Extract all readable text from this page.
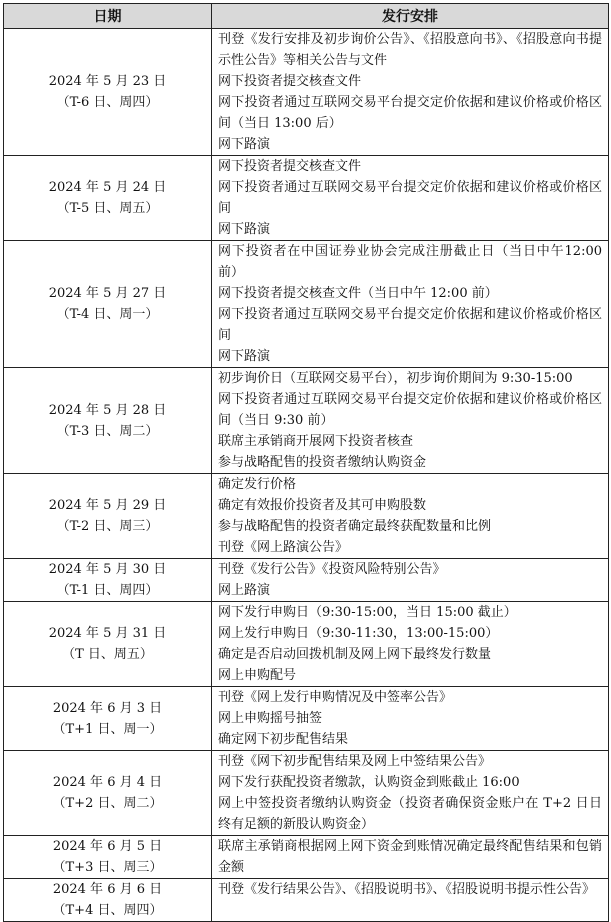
日期	发行安排

2024 年 5 月 23 日
（T-6 日、周四）	刊登《发行安排及初步询价公告》、《招股意向书》、《招股意向书提示性公告》等相关公告与文件
网下投资者提交核查文件
网下投资者通过互联网交易平台提交定价依据和建议价格或价格区间（当日 13:00 后）
网下路演

2024 年 5 月 24 日
（T-5 日、周五）	网下投资者提交核查文件
网下投资者通过互联网交易平台提交定价依据和建议价格或价格区间
网下路演

2024 年 5 月 27 日
（T-4 日、周一）	网下投资者在中国证券业协会完成注册截止日（当日中午12:00 前）
网下投资者提交核查文件（当日中午 12:00 前）
网下投资者通过互联网交易平台提交定价依据和建议价格或价格区间
网下路演

2024 年 5 月 28 日
（T-3 日、周二）	初步询价日（互联网交易平台），初步询价期间为 9:30-15:00
网下投资者通过互联网交易平台提交定价依据和建议价格或价格区间（当日 9:30 前）
联席主承销商开展网下投资者核查
参与战略配售的投资者缴纳认购资金

2024 年 5 月 29 日
（T-2 日、周三）	确定发行价格
确定有效报价投资者及其可申购股数
参与战略配售的投资者确定最终获配数量和比例
刊登《网上路演公告》

2024 年 5 月 30 日
（T-1 日、周四）	刊登《发行公告》《投资风险特别公告》
网上路演

2024 年 5 月 31 日
（T 日、周五）	网下发行申购日（9:30-15:00，当日 15:00 截止）
网上发行申购日（9:30-11:30，13:00-15:00）
确定是否启动回拨机制及网上网下最终发行数量
网上申购配号

2024 年 6 月 3 日
（T+1 日、周一）	刊登《网上发行申购情况及中签率公告》
网上申购摇号抽签
确定网下初步配售结果

2024 年 6 月 4 日
（T+2 日、周二）	刊登《网下初步配售结果及网上中签结果公告》
网下发行获配投资者缴款，认购资金到账截止 16:00
网上中签投资者缴纳认购资金（投资者确保资金账户在 T+2 日日终有足额的新股认购资金）

2024 年 6 月 5 日
（T+3 日、周三）	联席主承销商根据网上网下资金到账情况确定最终配售结果和包销金额

2024 年 6 月 6 日
（T+4 日、周四）	刊登《发行结果公告》、《招股说明书》、《招股说明书提示性公告》
